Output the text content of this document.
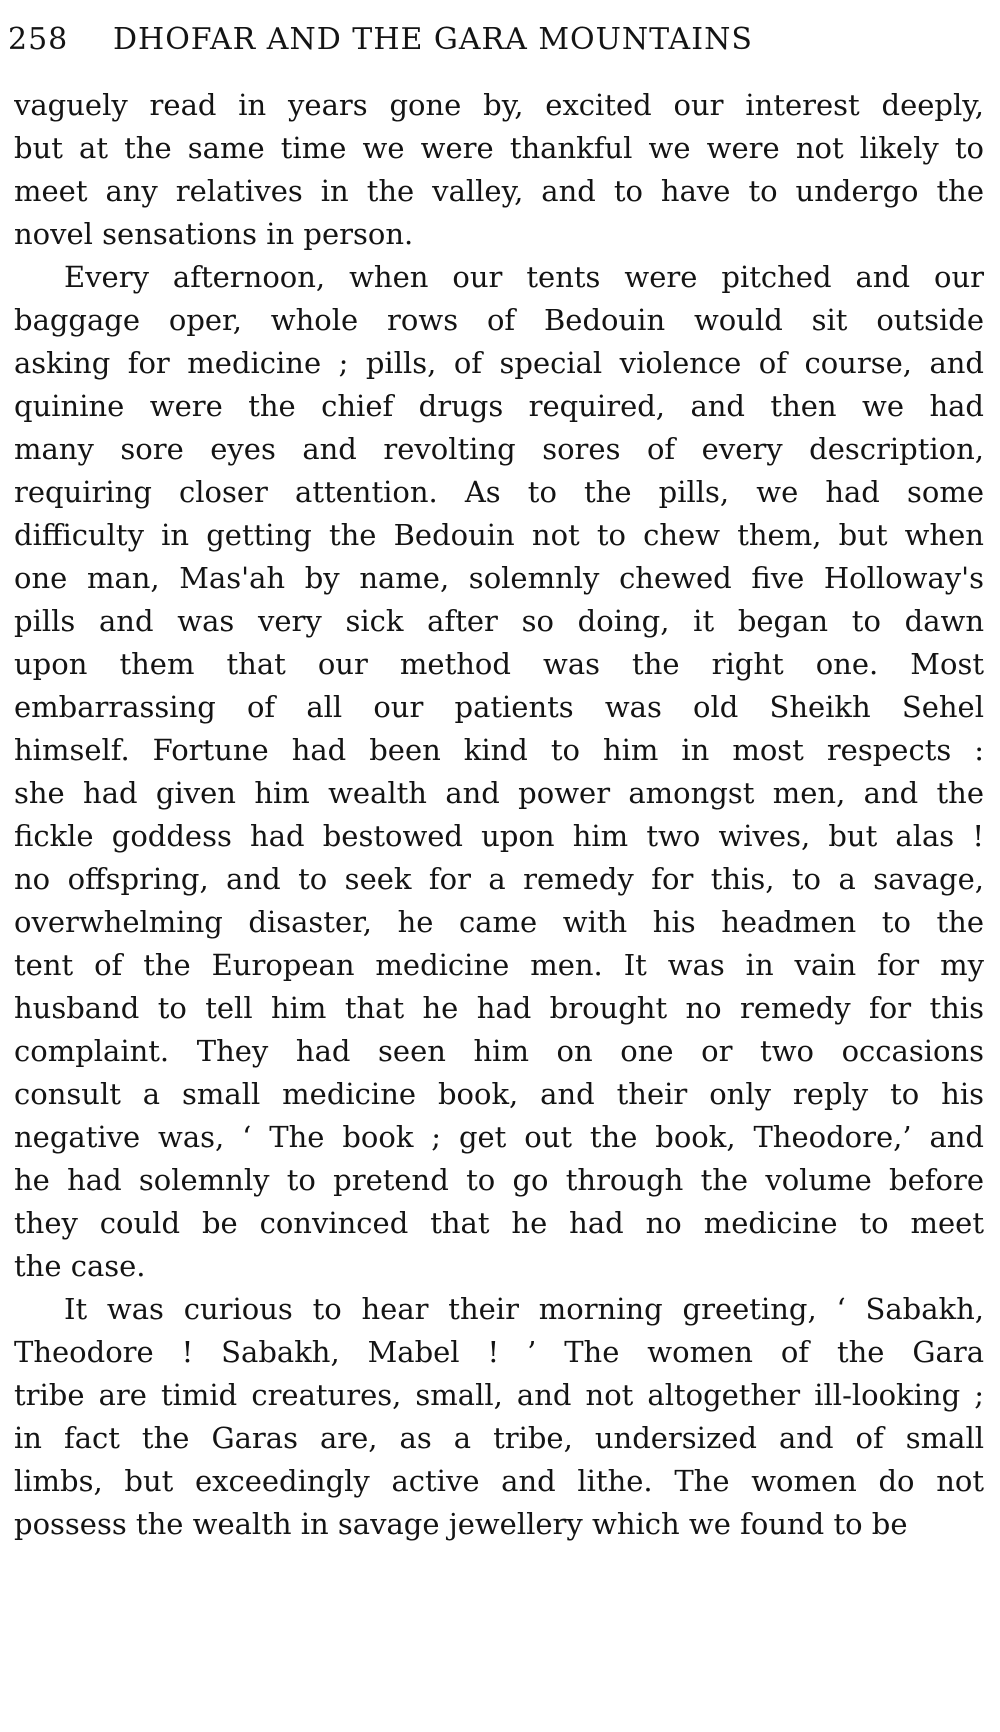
258 DHOFAR AND THE GARA MOUNTAINS
vaguely read in years gone by, excited our interest deeply,
but at the same time we were thankful we were not likely to
meet any relatives in the valley, and to have to undergo the
novel sensations in person.
Every afternoon, when our tents were pitched and our
baggage oper, whole rows of Bedouin would sit outside
asking for medicine ; pills, of special violence of course, and
quinine were the chief drugs required, and then we had
many sore eyes and revolting sores of every description,
requiring closer attention. As to the pills, we had some
difficulty in getting the Bedouin not to chew them, but when
one man, Mas'ah by name, solemnly chewed five Holloway's
pills and was very sick after so doing, it began to dawn
upon them that our method was the right one. Most
embarrassing of all our patients was old Sheikh Sehel
himself. Fortune had been kind to him in most respects :
she had given him wealth and power amongst men, and the
fickle goddess had bestowed upon him two wives, but alas !
no offspring, and to seek for a remedy for this, to a savage,
overwhelming disaster, he came with his headmen to the
tent of the European medicine men. It was in vain for my
husband to tell him that he had brought no remedy for this
complaint. They had seen him on one or two occasions
consult a small medicine book, and their only reply to his
negative was, ‘ The book ; get out the book, Theodore,’ and
he had solemnly to pretend to go through the volume before
they could be convinced that he had no medicine to meet
the case.
It was curious to hear their morning greeting, ‘ Sabakh,
Theodore ! Sabakh, Mabel ! ’ The women of the Gara
tribe are timid creatures, small, and not altogether ill-looking ;
in fact the Garas are, as a tribe, undersized and of small
limbs, but exceedingly active and lithe. The women do not
possess the wealth in savage jewellery which we found to be
